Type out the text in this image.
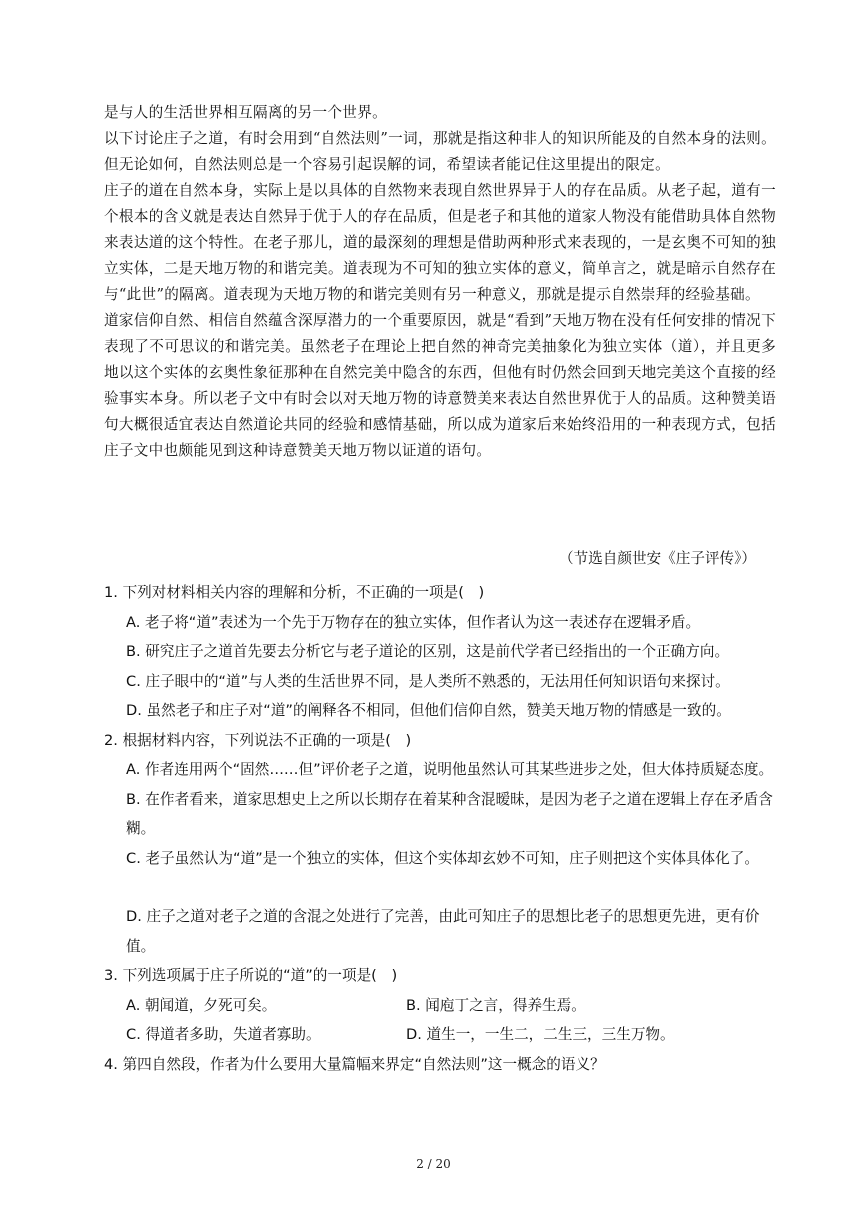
是与人的生活世界相互隔离的另一个世界。

以下讨论庄子之道，有时会用到“自然法则”一词，那就是指这种非人的知识所能及的自然本身的法则。但无论如何，自然法则总是一个容易引起误解的词，希望读者能记住这里提出的限定。

庄子的道在自然本身，实际上是以具体的自然物来表现自然世界异于人的存在品质。从老子起，道有一个根本的含义就是表达自然异于优于人的存在品质，但是老子和其他的道家人物没有能借助具体自然物来表达道的这个特性。在老子那儿，道的最深刻的理想是借助两种形式来表现的，一是玄奥不可知的独立实体，二是天地万物的和谐完美。道表现为不可知的独立实体的意义，简单言之，就是暗示自然存在与“此世”的隔离。道表现为天地万物的和谐完美则有另一种意义，那就是提示自然崇拜的经验基础。

道家信仰自然、相信自然蕴含深厚潜力的一个重要原因，就是“看到”天地万物在没有任何安排的情况下表现了不可思议的和谐完美。虽然老子在理论上把自然的神奇完美抽象化为独立实体（道），并且更多地以这个实体的玄奥性象征那种在自然完美中隐含的东西，但他有时仍然会回到天地完美这个直接的经验事实本身。所以老子文中有时会以对天地万物的诗意赞美来表达自然世界优于人的品质。这种赞美语句大概很适宜表达自然道论共同的经验和感情基础，所以成为道家后来始终沿用的一种表现方式，包括庄子文中也颇能见到这种诗意赞美天地万物以证道的语句。

（节选自颜世安《庄子评传》）

1. 下列对材料相关内容的理解和分析，不正确的一项是(　)

A. 老子将“道”表述为一个先于万物存在的独立实体，但作者认为这一表述存在逻辑矛盾。

B. 研究庄子之道首先要去分析它与老子道论的区别，这是前代学者已经指出的一个正确方向。

C. 庄子眼中的“道”与人类的生活世界不同，是人类所不熟悉的，无法用任何知识语句来探讨。

D. 虽然老子和庄子对“道”的阐释各不相同，但他们信仰自然，赞美天地万物的情感是一致的。

2. 根据材料内容，下列说法不正确的一项是(　)

A. 作者连用两个“固然……但”评价老子之道，说明他虽然认可其某些进步之处，但大体持质疑态度。

B. 在作者看来，道家思想史上之所以长期存在着某种含混暧昧，是因为老子之道在逻辑上存在矛盾含糊。

C. 老子虽然认为“道”是一个独立的实体，但这个实体却玄妙不可知，庄子则把这个实体具体化了。

D. 庄子之道对老子之道的含混之处进行了完善，由此可知庄子的思想比老子的思想更先进，更有价值。

3. 下列选项属于庄子所说的“道”的一项是(　)

A. 朝闻道，夕死可矣。	B. 闻庖丁之言，得养生焉。
C. 得道者多助，失道者寡助。	D. 道生一，一生二，二生三，三生万物。

4. 第四自然段，作者为什么要用大量篇幅来界定“自然法则”这一概念的语义？

2 / 20
